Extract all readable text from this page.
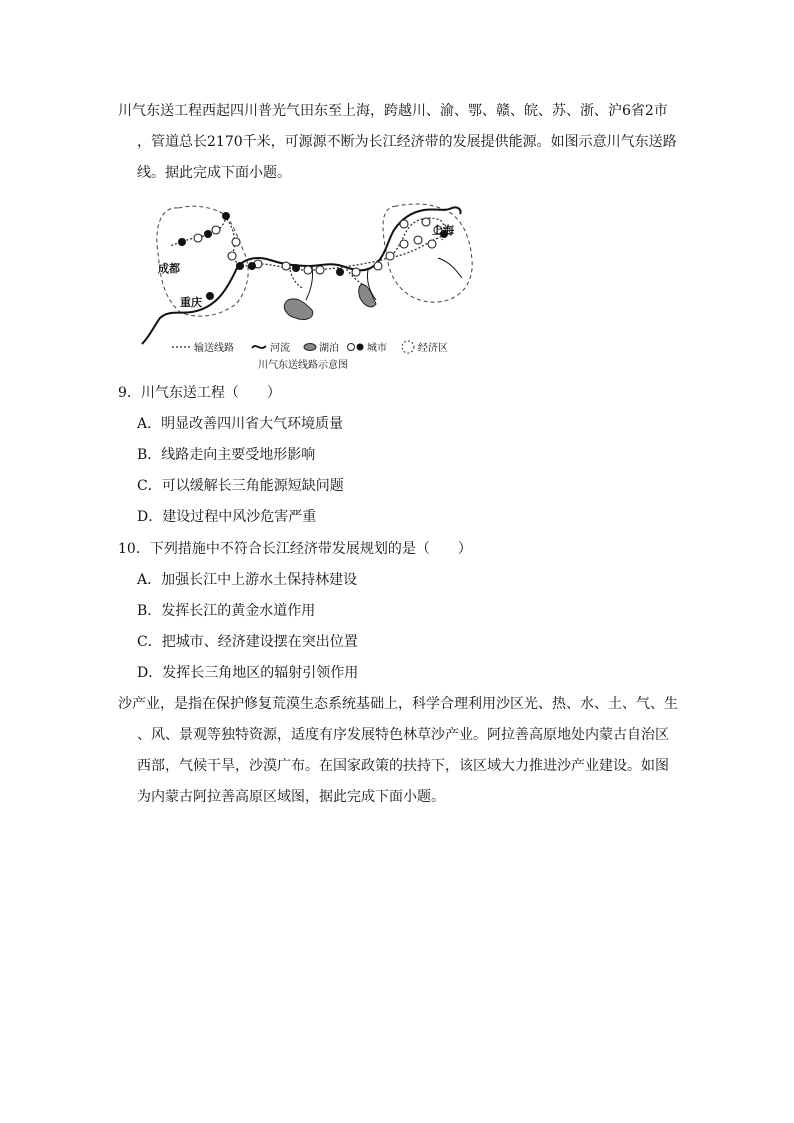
川气东送工程西起四川普光气田东至上海，跨越川、渝、鄂、赣、皖、苏、浙、沪6省2市
，管道总长2170千米，可源源不断为长江经济带的发展提供能源。如图示意川气东送路
线。据此完成下面小题。
成都
重庆
上海
输送线路	河流	湖泊	城市	经济区
川气东送线路示意图
9．川气东送工程（　　）
A．明显改善四川省大气环境质量
B．线路走向主要受地形影响
C．可以缓解长三角能源短缺问题
D．建设过程中风沙危害严重
10．下列措施中不符合长江经济带发展规划的是（　　）
A．加强长江中上游水土保持林建设
B．发挥长江的黄金水道作用
C．把城市、经济建设摆在突出位置
D．发挥长三角地区的辐射引领作用
沙产业，是指在保护修复荒漠生态系统基础上，科学合理利用沙区光、热、水、土、气、生
、风、景观等独特资源，适度有序发展特色林草沙产业。阿拉善高原地处内蒙古自治区
西部，气候干旱，沙漠广布。在国家政策的扶持下，该区域大力推进沙产业建设。如图
为内蒙古阿拉善高原区域图，据此完成下面小题。
